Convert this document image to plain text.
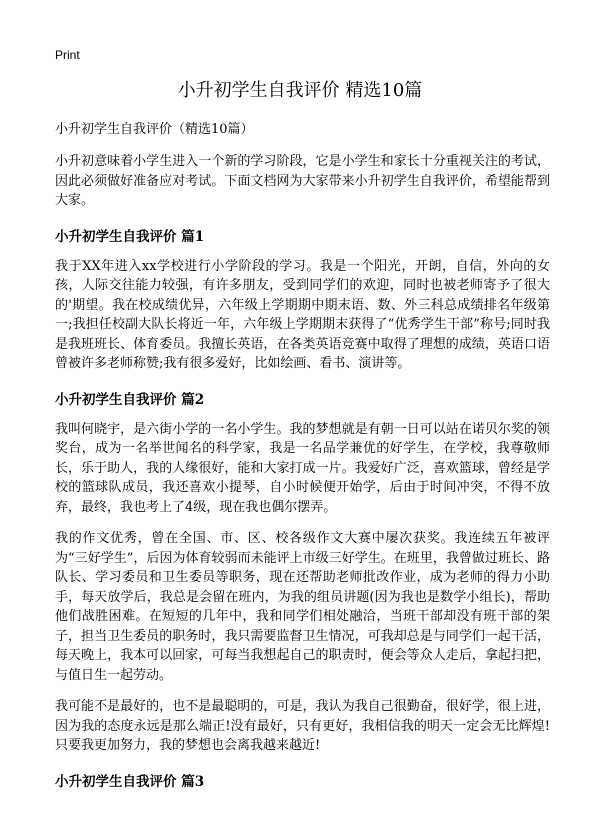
Print
小升初学生自我评价 精选10篇

小升初学生自我评价（精选10篇）

小升初意味着小学生进入一个新的学习阶段，它是小学生和家长十分重视关注的考试，因此必须做好准备应对考试。下面文档网为大家带来小升初学生自我评价，希望能帮到大家。

小升初学生自我评价 篇1

我于XX年进入xx学校进行小学阶段的学习。我是一个阳光，开朗，自信，外向的女孩，人际交往能力较强，有许多朋友，受到同学们的欢迎，同时也被老师寄予了很大的'期望。我在校成绩优异，六年级上学期期中期末语、数、外三科总成绩排名年级第一;我担任校副大队长将近一年，六年级上学期期末获得了“优秀学生干部”称号;同时我是我班班长、体育委员。我擅长英语，在各类英语竞赛中取得了理想的成绩，英语口语曾被许多老师称赞;我有很多爱好，比如绘画、看书、演讲等。

小升初学生自我评价 篇2

我叫何晓宇，是六街小学的一名小学生。我的梦想就是有朝一日可以站在诺贝尔奖的领奖台，成为一名举世闻名的科学家，我是一名品学兼优的好学生，在学校，我尊敬师长，乐于助人，我的人缘很好，能和大家打成一片。我爱好广泛，喜欢篮球，曾经是学校的篮球队成员，我还喜欢小提琴，自小时候便开始学，后由于时间冲突，不得不放弃，最终，我也考上了4级，现在我也偶尔摆弄。

我的作文优秀，曾在全国、市、区、校各级作文大赛中屡次获奖。我连续五年被评为“三好学生”，后因为体育较弱而未能评上市级三好学生。在班里，我曾做过班长、路队长、学习委员和卫生委员等职务，现在还帮助老师批改作业，成为老师的得力小助手，每天放学后，我总是会留在班内，为我的组员讲题(因为我也是数学小组长)，帮助他们战胜困难。在短短的几年中，我和同学们相处融洽，当班干部却没有班干部的架子，担当卫生委员的职务时，我只需要监督卫生情况，可我却总是与同学们一起干活，每天晚上，我本可以回家，可每当我想起自己的职责时，便会等众人走后，拿起扫把，与值日生一起劳动。

我可能不是最好的，也不是最聪明的，可是，我认为我自己很勤奋，很好学，很上进，因为我的态度永远是那么端正!没有最好，只有更好，我相信我的明天一定会无比辉煌!只要我更加努力，我的梦想也会离我越来越近!

小升初学生自我评价 篇3
